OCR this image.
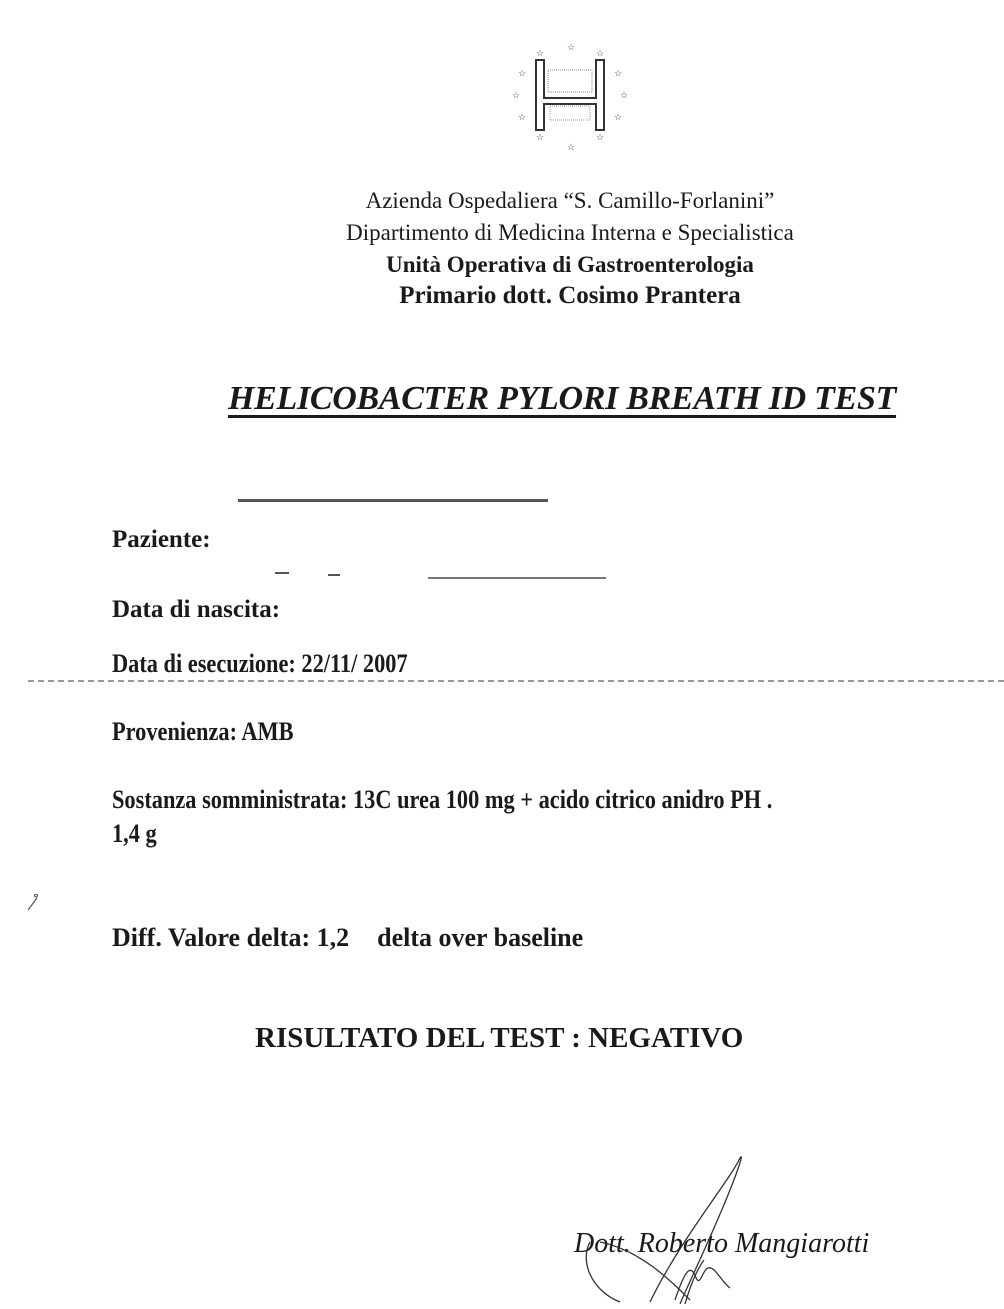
☆
☆	☆
☆	☆
☆	☆
☆	☆
☆	☆
☆
Azienda Ospedaliera “S. Camillo-Forlanini”
Dipartimento di Medicina Interna e Specialistica
Unità Operativa di Gastroenterologia
Primario dott. Cosimo Prantera
HELICOBACTER PYLORI BREATH ID TEST
Paziente:
Data di nascita:
Data di esecuzione: 22/11/ 2007
Provenienza: AMB
Sostanza somministrata: 13C urea 100 mg + acido citrico anidro PH .
1,4 g
Diff. Valore delta: 1,2 delta over baseline
RISULTATO DEL TEST : NEGATIVO
Dott. Roberto Mangiarotti
